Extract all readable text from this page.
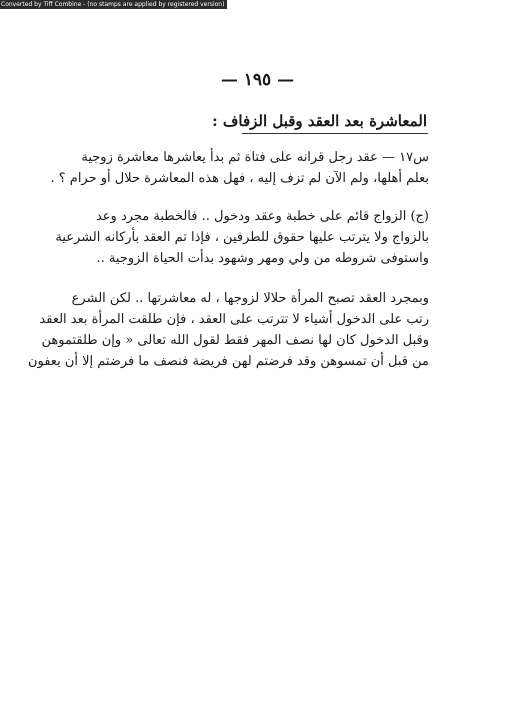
Converted by Tiff Combine - (no stamps are applied by registered version)
— ١٩٥ —
المعاشرة بعد العقد وقبل الزفاف :
س١٧ — عقد رجل قرانه على فتاة ثم بدأ يعاشرها معاشرة زوجية
بعلم أهلها، ولم الآن لم تزف إليه ، فهل هذه المعاشرة حلال أو حرام ؟ .
(ج) الزواج قائم على خطبة وعقد ودخول .. فالخطبة مجرد وعد
بالزواج ولا يترتب عليها حقوق للطرفين ، فإذا تم العقد بأركانه الشرعية
واستوفى شروطه من ولي ومهر وشهود بدأت الحياة الزوجية ..
وبمجرد العقد تصبح المرأة حلالا لزوجها ، له معاشرتها .. لكن الشرع
رتب على الدخول أشياء لا تترتب على العقد ، فإن طلقت المرأة بعد العقد
وقبل الدخول كان لها نصف المهر فقط لقول الله تعالى « وإن طلقتموهن
من قبل أن تمسوهن وقد فرضتم لهن فريضة فنصف ما فرضتم إلا أن يعفون
